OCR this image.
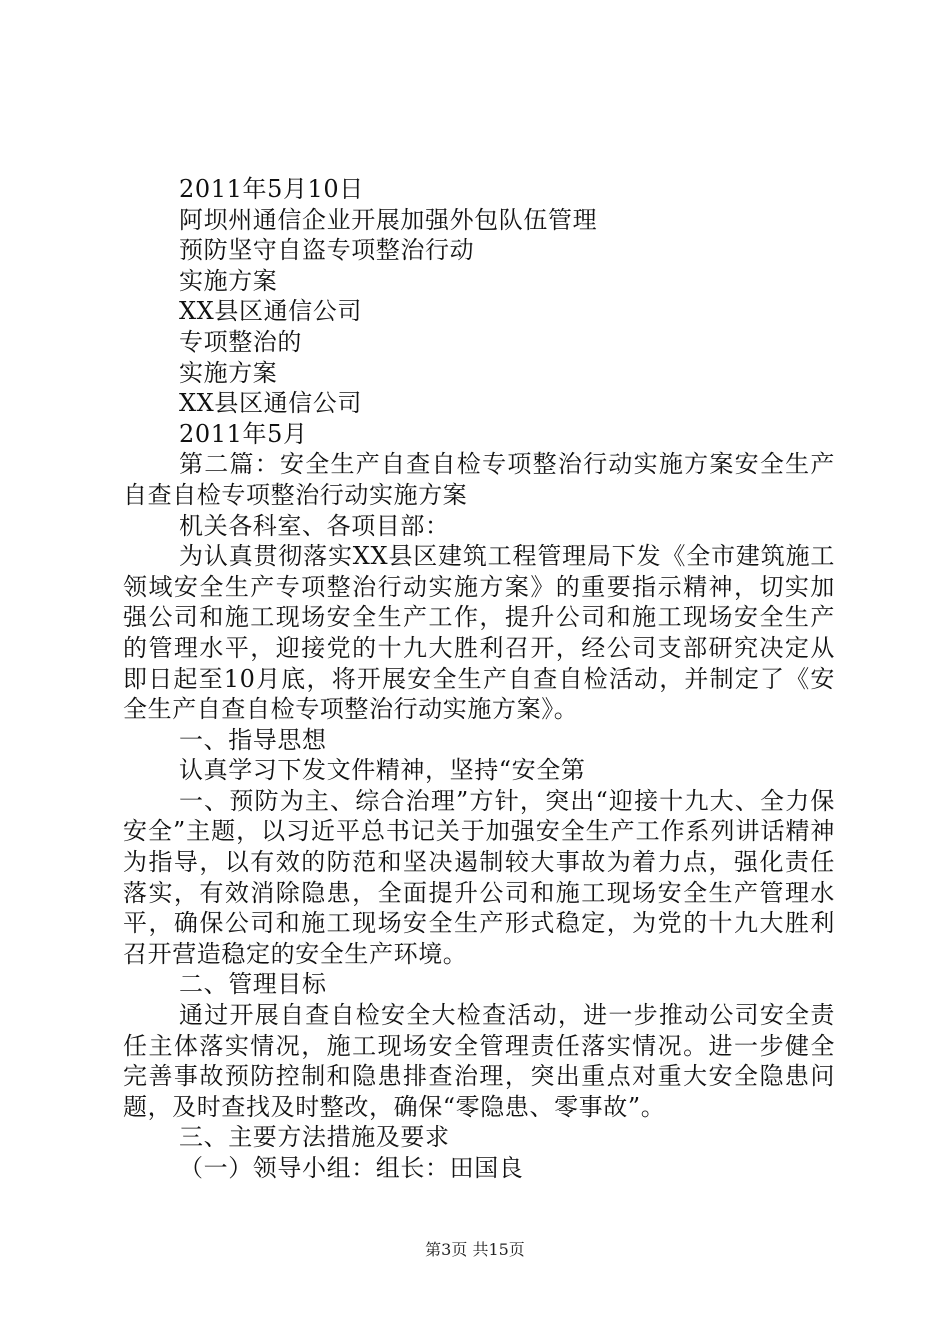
2011年5月10日
阿坝州通信企业开展加强外包队伍管理
预防坚守自盗专项整治行动
实施方案
XX县区通信公司
专项整治的
实施方案
XX县区通信公司
2011年5月

第二篇：安全生产自查自检专项整治行动实施方案安全生产自查自检专项整治行动实施方案

机关各科室、各项目部：

为认真贯彻落实XX县区建筑工程管理局下发《全市建筑施工领域安全生产专项整治行动实施方案》的重要指示精神，切实加强公司和施工现场安全生产工作，提升公司和施工现场安全生产的管理水平，迎接党的十九大胜利召开，经公司支部研究决定从即日起至10月底，将开展安全生产自查自检活动，并制定了《安全生产自查自检专项整治行动实施方案》。

一、指导思想

认真学习下发文件精神，坚持“安全第

一、预防为主、综合治理”方针，突出“迎接十九大、全力保安全”主题，以习近平总书记关于加强安全生产工作系列讲话精神为指导，以有效的防范和坚决遏制较大事故为着力点，强化责任落实，有效消除隐患，全面提升公司和施工现场安全生产管理水平，确保公司和施工现场安全生产形式稳定，为党的十九大胜利召开营造稳定的安全生产环境。

二、管理目标

通过开展自查自检安全大检查活动，进一步推动公司安全责任主体落实情况，施工现场安全管理责任落实情况。进一步健全完善事故预防控制和隐患排查治理，突出重点对重大安全隐患问题，及时查找及时整改，确保“零隐患、零事故”。

三、主要方法措施及要求

（一）领导小组：组长：田国良

第3页 共15页
